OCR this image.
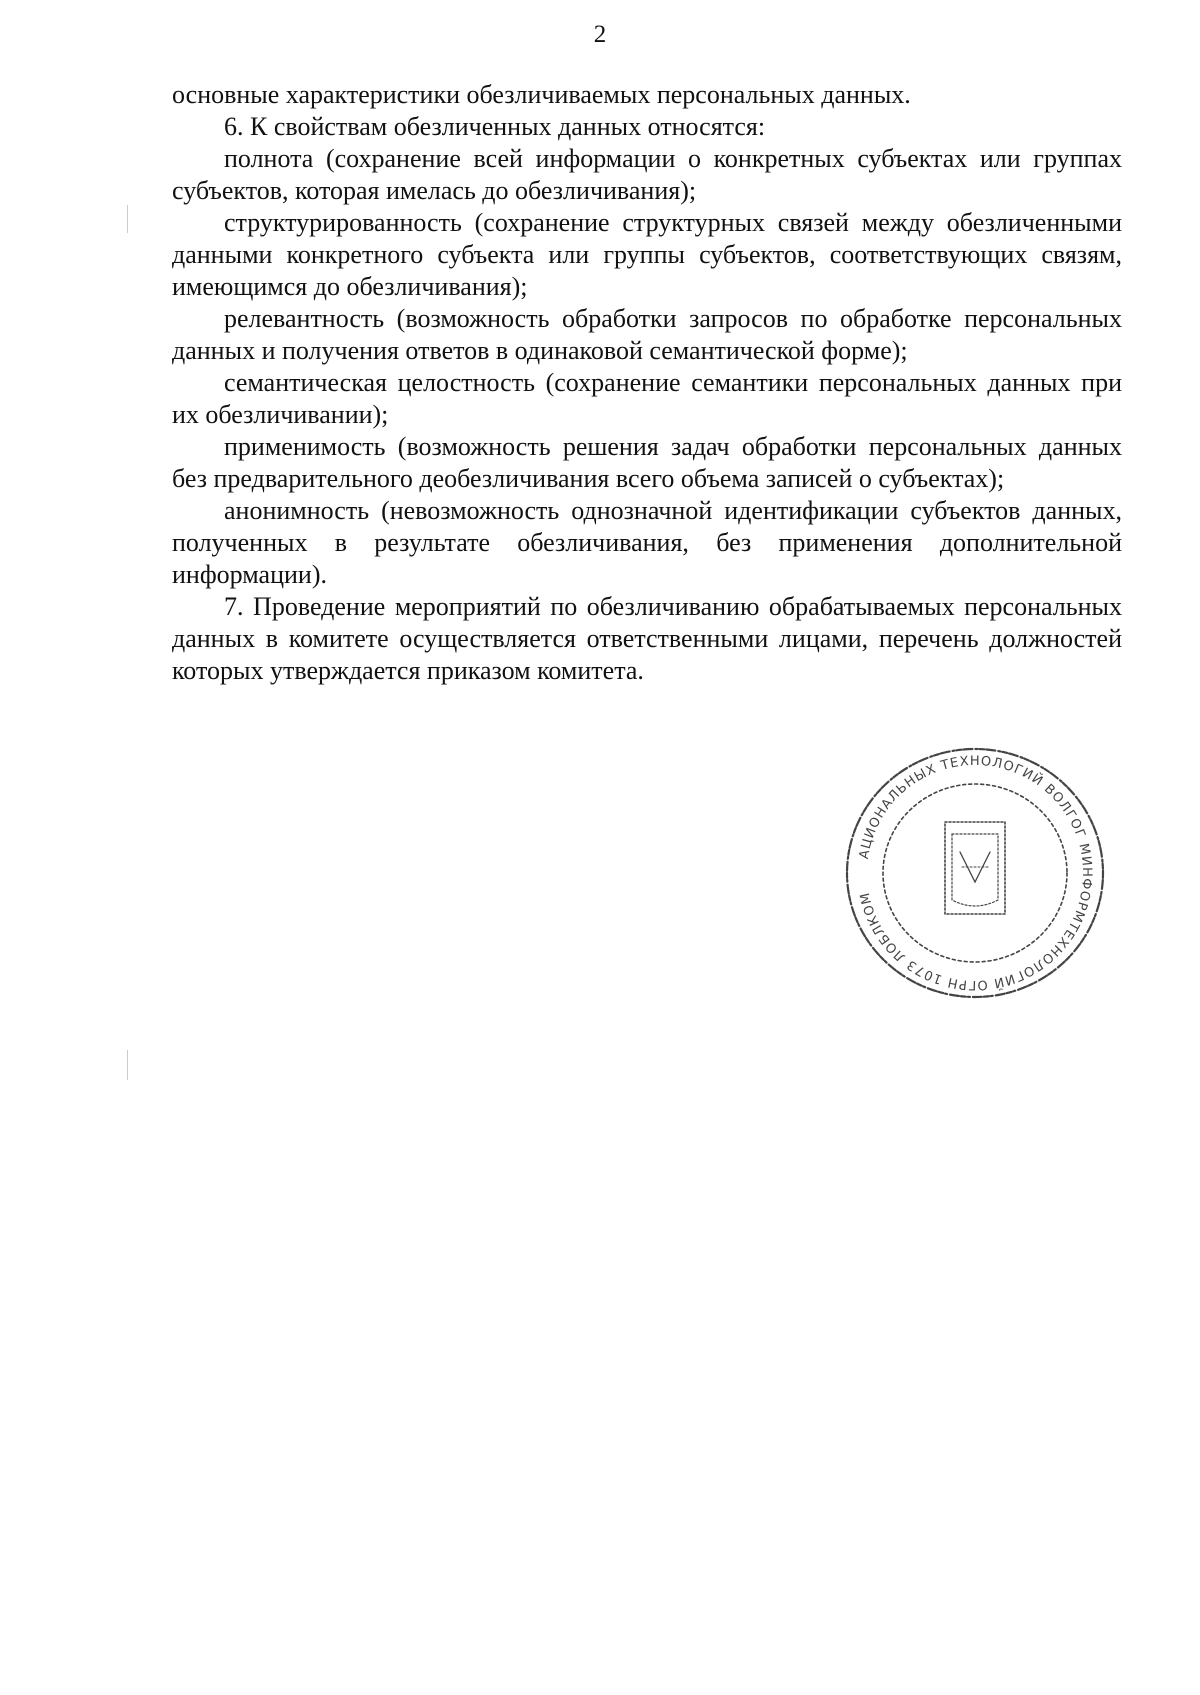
2

основные характеристики обезличиваемых персональных данных.

6. К свойствам обезличенных данных относятся:

полнота (сохранение всей информации о конкретных субъектах или группах субъектов, которая имелась до обезличивания);

структурированность (сохранение структурных связей между обезличенными данными конкретного субъекта или группы субъектов, соответствующих связям, имеющимся до обезличивания);

релевантность (возможность обработки запросов по обработке персональных данных и получения ответов в одинаковой семантической форме);

семантическая целостность (сохранение семантики персональных данных при их обезличивании);

применимость (возможность решения задач обработки персональных данных без предварительного деобезличивания всего объема записей о субъектах);

анонимность (невозможность однозначной идентификации субъектов данных, полученных в результате обезличивания, без применения дополнительной информации).

7. Проведение мероприятий по обезличиванию обрабатываемых персональных данных в комитете осуществляется ответственными лицами, перечень должностей которых утверждается приказом комитета.

АЦИОНАЛЬНЫХ ТЕХНОЛОГИЙ ВОЛГОГ МИНФОРМТЕХНОЛОГИЙ ОГРН 1073 ЛОБЛКОМ
